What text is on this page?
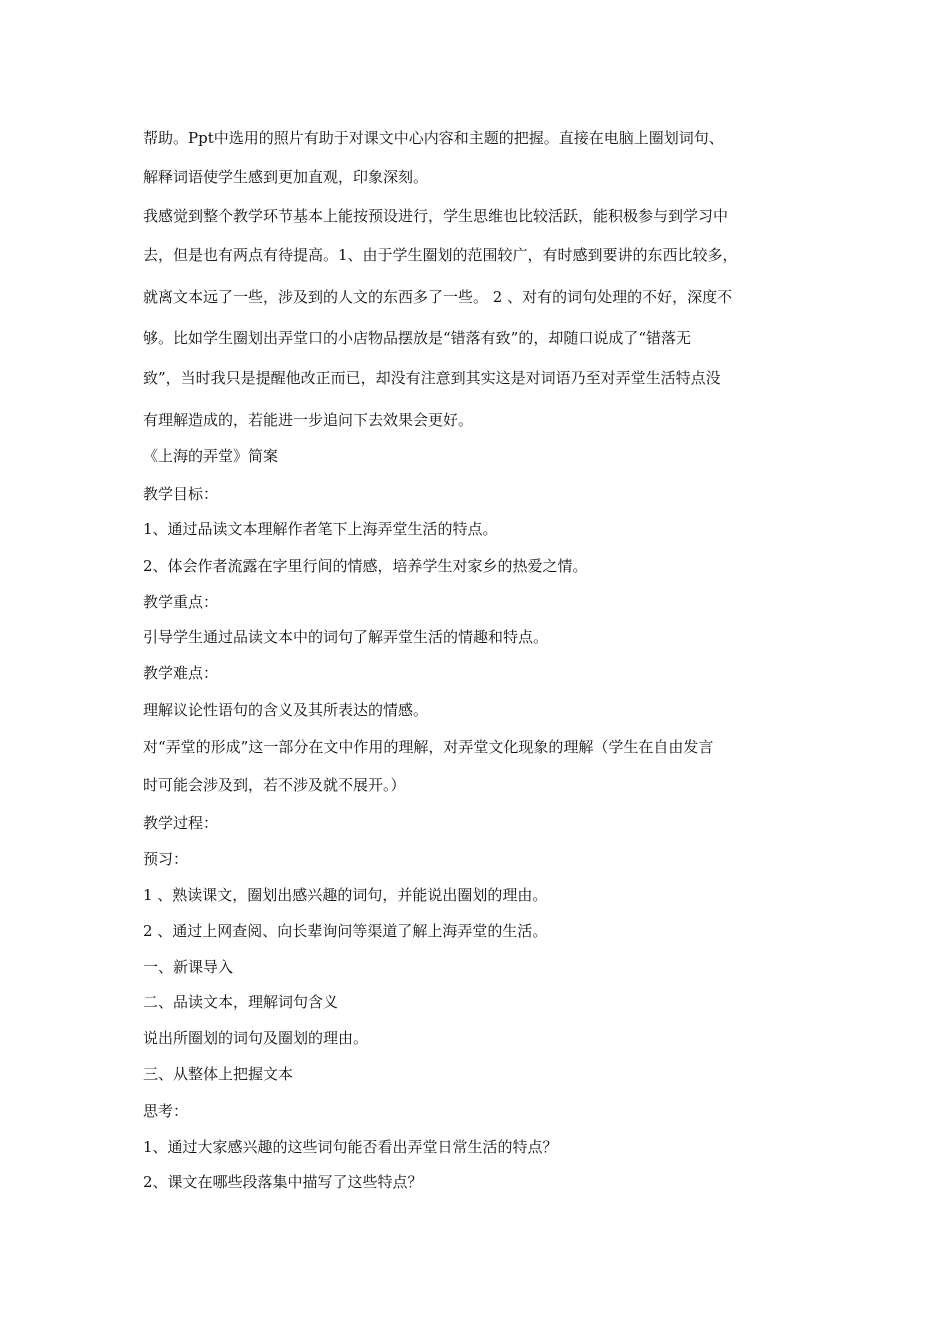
帮助。Ppt中选用的照片有助于对课文中心内容和主题的把握。直接在电脑上圈划词句、
解释词语使学生感到更加直观，印象深刻。
我感觉到整个教学环节基本上能按预设进行，学生思维也比较活跃，能积极参与到学习中
去，但是也有两点有待提高。1、由于学生圈划的范围较广，有时感到要讲的东西比较多，
就离文本远了一些，涉及到的人文的东西多了一些。 2 、对有的词句处理的不好，深度不
够。比如学生圈划出弄堂口的小店物品摆放是“错落有致”的，却随口说成了“错落无
致”，当时我只是提醒他改正而已，却没有注意到其实这是对词语乃至对弄堂生活特点没
有理解造成的，若能进一步追问下去效果会更好。
《上海的弄堂》简案
教学目标：
1、通过品读文本理解作者笔下上海弄堂生活的特点。
2、体会作者流露在字里行间的情感，培养学生对家乡的热爱之情。
教学重点：
引导学生通过品读文本中的词句了解弄堂生活的情趣和特点。
教学难点：
理解议论性语句的含义及其所表达的情感。
对“弄堂的形成”这一部分在文中作用的理解，对弄堂文化现象的理解（学生在自由发言
时可能会涉及到，若不涉及就不展开。）
教学过程：
预习：
1 、熟读课文，圈划出感兴趣的词句，并能说出圈划的理由。
2 、通过上网查阅、向长辈询问等渠道了解上海弄堂的生活。
一、新课导入
二、品读文本，理解词句含义
说出所圈划的词句及圈划的理由。
三、从整体上把握文本
思考：
1、通过大家感兴趣的这些词句能否看出弄堂日常生活的特点？
2、课文在哪些段落集中描写了这些特点？
